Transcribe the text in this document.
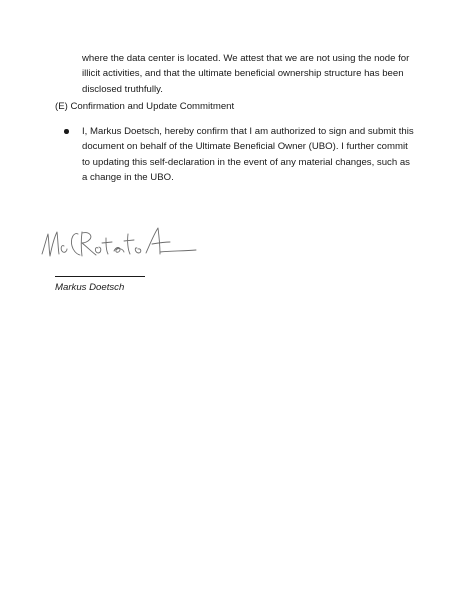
where the data center is located. We attest that we are not using the node for illicit activities, and that the ultimate beneficial ownership structure has been disclosed truthfully.

(E) Confirmation and Update Commitment

I, Markus Doetsch, hereby confirm that I am authorized to sign and submit this document on behalf of the Ultimate Beneficial Owner (UBO). I further commit to updating this self-declaration in the event of any material changes, such as a change in the UBO.

Markus Doetsch
